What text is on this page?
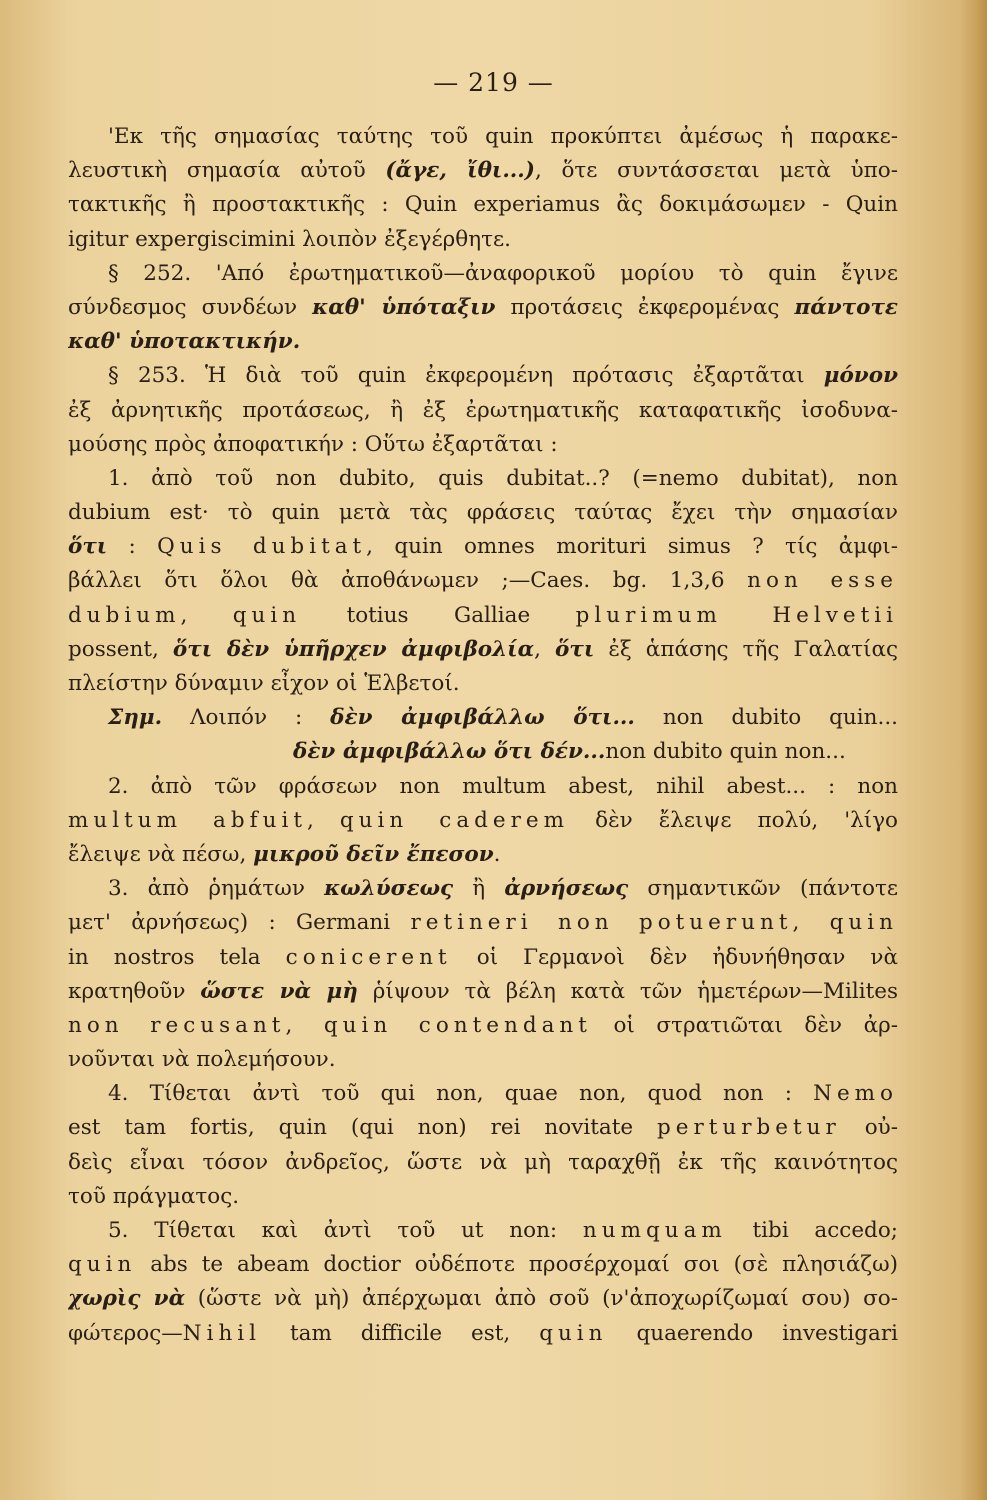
— 219 —
'Εκ τῆς σημασίας ταύτης τοῦ quin προκύπτει ἀμέσως ἡ παρακε-
λευστικὴ σημασία αὐτοῦ (ἄγε, ἴθι...), ὅτε συντάσσεται μετὰ ὑπο-
τακτικῆς ἢ προστακτικῆς : Quin experiamus ἂς δοκιμάσωμεν - Quin
igitur expergiscimini λοιπὸν ἐξεγέρθητε.
§ 252. 'Από ἐρωτηματικοῦ—ἀναφορικοῦ μορίου τὸ quin ἔγινε
σύνδεσμος συνδέων καθ' ὑπόταξιν προτάσεις ἐκφερομένας πάντοτε
καθ' ὑποτακτικήν.
§ 253. Ἡ διὰ τοῦ quin ἐκφερομένη πρότασις ἐξαρτᾶται μόνον
ἐξ ἀρνητικῆς προτάσεως, ἢ ἐξ ἐρωτηματικῆς καταφατικῆς ἰσοδυνα-
μούσης πρὸς ἀποφατικήν : Οὕτω ἐξαρτᾶται :
1. ἀπὸ τοῦ non dubito, quis dubitat..? (=nemo dubitat), non
dubium est· τὸ quin μετὰ τὰς φράσεις ταύτας ἔχει τὴν σημασίαν
ὅτι : Quis dubitat, quin omnes morituri simus ? τίς ἀμφι-
βάλλει ὅτι ὅλοι θὰ ἀποθάνωμεν ;—Caes. bg. 1,3,6 non esse
dubium, quin totius Galliae plurimum Helvetii
possent, ὅτι δὲν ὑπῆρχεν ἀμφιβολία, ὅτι ἐξ ἁπάσης τῆς Γαλατίας
πλείστην δύναμιν εἶχον οἱ Ἑλβετοί.
Σημ. Λοιπόν : δὲν ἀμφιβάλλω ὅτι... non dubito quin...
δὲν ἀμφιβάλλω ὅτι δέν...non dubito quin non...
2. ἀπὸ τῶν φράσεων non multum abest, nihil abest... : non
multum abfuit, quin caderem δὲν ἔλειψε πολύ, 'λίγο
ἔλειψε νὰ πέσω, μικροῦ δεῖν ἔπεσον.
3. ἀπὸ ῥημάτων κωλύσεως ἢ ἀρνήσεως σημαντικῶν (πάντοτε
μετ' ἀρνήσεως) : Germani retineri non potuerunt, quin
in nostros tela conicerent οἱ Γερμανοὶ δὲν ἠδυνήθησαν νὰ
κρατηθοῦν ὥστε νὰ μὴ ῥίψουν τὰ βέλη κατὰ τῶν ἡμετέρων—Milites
non recusant, quin contendant οἱ στρατιῶται δὲν ἀρ-
νοῦνται νὰ πολεμήσουν.
4. Τίθεται ἀντὶ τοῦ qui non, quae non, quod non : Nemo
est tam fortis, quin (qui non) rei novitate perturbetur οὐ-
δεὶς εἶναι τόσον ἀνδρεῖος, ὥστε νὰ μὴ ταραχθῇ ἐκ τῆς καινότητος
τοῦ πράγματος.
5. Τίθεται καὶ ἀντὶ τοῦ ut non: numquam tibi accedo;
quin abs te abeam doctior οὐδέποτε προσέρχομαί σοι (σὲ πλησιάζω)
χωρὶς νὰ (ὥστε νὰ μὴ) ἀπέρχωμαι ἀπὸ σοῦ (ν'ἀποχωρίζωμαί σου) σο-
φώτερος—Nihil tam difficile est, quin quaerendo investigari
